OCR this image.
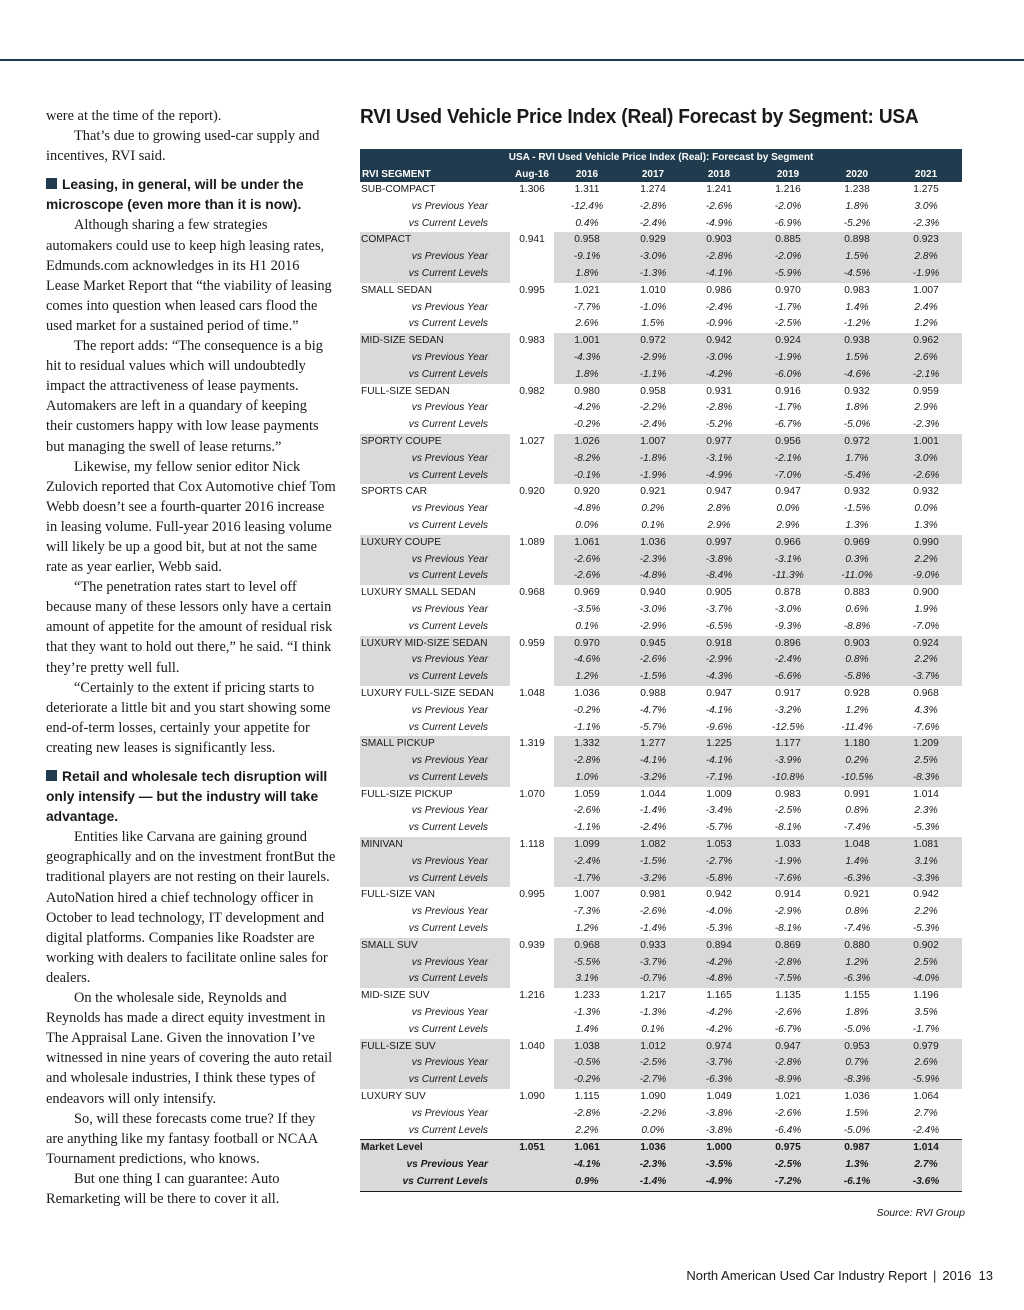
were at the time of the report).

That’s due to growing used-car supply and incentives, RVI said.

Leasing, in general, will be under the microscope (even more than it is now).

Although sharing a few strategies automakers could use to keep high leasing rates, Edmunds.com acknowledges in its H1 2016 Lease Market Report that “the viability of leasing comes into question when leased cars flood the used market for a sustained period of time.”

The report adds: “The consequence is a big hit to residual values which will undoubtedly impact the attractiveness of lease payments. Automakers are left in a quandary of keeping their customers happy with low lease payments but managing the swell of lease returns.”

Likewise, my fellow senior editor Nick Zulovich reported that Cox Automotive chief Tom Webb doesn’t see a fourth-quarter 2016 increase in leasing volume. Full-year 2016 leasing volume will likely be up a good bit, but at not the same rate as year earlier, Webb said.

“The penetration rates start to level off because many of these lessors only have a certain amount of appetite for the amount of residual risk that they want to hold out there,” he said. “I think they’re pretty well full.

“Certainly to the extent if pricing starts to deteriorate a little bit and you start showing some end-of-term losses, certainly your appetite for creating new leases is significantly less.

Retail and wholesale tech disruption will only intensify — but the industry will take advantage.

Entities like Carvana are gaining ground geographically and on the investment frontBut the traditional players are not resting on their laurels. AutoNation hired a chief technology officer in October to lead technology, IT development and digital platforms. Companies like Roadster are working with dealers to facilitate online sales for dealers.

On the wholesale side, Reynolds and Reynolds has made a direct equity investment in The Appraisal Lane. Given the innovation I’ve witnessed in nine years of covering the auto retail and wholesale industries, I think these types of endeavors will only intensify.

So, will these forecasts come true? If they are anything like my fantasy football or NCAA Tournament predictions, who knows.

But one thing I can guarantee: Auto Remarketing will be there to cover it all.

RVI Used Vehicle Price Index (Real) Forecast by Segment: USA
USA - RVI Used Vehicle Price Index (Real): Forecast by Segment							
RVI SEGMENT	Aug-16	2016	2017	2018	2019	2020	2021
SUB-COMPACT	1.306	1.311	1.274	1.241	1.216	1.238	1.275
vs Previous Year		-12.4%	-2.8%	-2.6%	-2.0%	1.8%	3.0%
vs Current Levels		0.4%	-2.4%	-4.9%	-6.9%	-5.2%	-2.3%
COMPACT	0.941	0.958	0.929	0.903	0.885	0.898	0.923
vs Previous Year		-9.1%	-3.0%	-2.8%	-2.0%	1.5%	2.8%
vs Current Levels		1.8%	-1.3%	-4.1%	-5.9%	-4.5%	-1.9%
SMALL SEDAN	0.995	1.021	1.010	0.986	0.970	0.983	1.007
vs Previous Year		-7.7%	-1.0%	-2.4%	-1.7%	1.4%	2.4%
vs Current Levels		2.6%	1.5%	-0.9%	-2.5%	-1.2%	1.2%
MID-SIZE SEDAN	0.983	1.001	0.972	0.942	0.924	0.938	0.962
vs Previous Year		-4.3%	-2.9%	-3.0%	-1.9%	1.5%	2.6%
vs Current Levels		1.8%	-1.1%	-4.2%	-6.0%	-4.6%	-2.1%
FULL-SIZE SEDAN	0.982	0.980	0.958	0.931	0.916	0.932	0.959
vs Previous Year		-4.2%	-2.2%	-2.8%	-1.7%	1.8%	2.9%
vs Current Levels		-0.2%	-2.4%	-5.2%	-6.7%	-5.0%	-2.3%
SPORTY COUPE	1.027	1.026	1.007	0.977	0.956	0.972	1.001
vs Previous Year		-8.2%	-1.8%	-3.1%	-2.1%	1.7%	3.0%
vs Current Levels		-0.1%	-1.9%	-4.9%	-7.0%	-5.4%	-2.6%
SPORTS CAR	0.920	0.920	0.921	0.947	0.947	0.932	0.932
vs Previous Year		-4.8%	0.2%	2.8%	0.0%	-1.5%	0.0%
vs Current Levels		0.0%	0.1%	2.9%	2.9%	1.3%	1.3%
LUXURY COUPE	1.089	1.061	1.036	0.997	0.966	0.969	0.990
vs Previous Year		-2.6%	-2.3%	-3.8%	-3.1%	0.3%	2.2%
vs Current Levels		-2.6%	-4.8%	-8.4%	-11.3%	-11.0%	-9.0%
LUXURY SMALL SEDAN	0.968	0.969	0.940	0.905	0.878	0.883	0.900
vs Previous Year		-3.5%	-3.0%	-3.7%	-3.0%	0.6%	1.9%
vs Current Levels		0.1%	-2.9%	-6.5%	-9.3%	-8.8%	-7.0%
LUXURY MID-SIZE SEDAN	0.959	0.970	0.945	0.918	0.896	0.903	0.924
vs Previous Year		-4.6%	-2.6%	-2.9%	-2.4%	0.8%	2.2%
vs Current Levels		1.2%	-1.5%	-4.3%	-6.6%	-5.8%	-3.7%
LUXURY FULL-SIZE SEDAN	1.048	1.036	0.988	0.947	0.917	0.928	0.968
vs Previous Year		-0.2%	-4.7%	-4.1%	-3.2%	1.2%	4.3%
vs Current Levels		-1.1%	-5.7%	-9.6%	-12.5%	-11.4%	-7.6%
SMALL PICKUP	1.319	1.332	1.277	1.225	1.177	1.180	1.209
vs Previous Year		-2.8%	-4.1%	-4.1%	-3.9%	0.2%	2.5%
vs Current Levels		1.0%	-3.2%	-7.1%	-10.8%	-10.5%	-8.3%
FULL-SIZE PICKUP	1.070	1.059	1.044	1.009	0.983	0.991	1.014
vs Previous Year		-2.6%	-1.4%	-3.4%	-2.5%	0.8%	2.3%
vs Current Levels		-1.1%	-2.4%	-5.7%	-8.1%	-7.4%	-5.3%
MINIVAN	1.118	1.099	1.082	1.053	1.033	1.048	1.081
vs Previous Year		-2.4%	-1.5%	-2.7%	-1.9%	1.4%	3.1%
vs Current Levels		-1.7%	-3.2%	-5.8%	-7.6%	-6.3%	-3.3%
FULL-SIZE VAN	0.995	1.007	0.981	0.942	0.914	0.921	0.942
vs Previous Year		-7.3%	-2.6%	-4.0%	-2.9%	0.8%	2.2%
vs Current Levels		1.2%	-1.4%	-5.3%	-8.1%	-7.4%	-5.3%
SMALL SUV	0.939	0.968	0.933	0.894	0.869	0.880	0.902
vs Previous Year		-5.5%	-3.7%	-4.2%	-2.8%	1.2%	2.5%
vs Current Levels		3.1%	-0.7%	-4.8%	-7.5%	-6.3%	-4.0%
MID-SIZE SUV	1.216	1.233	1.217	1.165	1.135	1.155	1.196
vs Previous Year		-1.3%	-1.3%	-4.2%	-2.6%	1.8%	3.5%
vs Current Levels		1.4%	0.1%	-4.2%	-6.7%	-5.0%	-1.7%
FULL-SIZE SUV	1.040	1.038	1.012	0.974	0.947	0.953	0.979
vs Previous Year		-0.5%	-2.5%	-3.7%	-2.8%	0.7%	2.6%
vs Current Levels		-0.2%	-2.7%	-6.3%	-8.9%	-8.3%	-5.9%
LUXURY SUV	1.090	1.115	1.090	1.049	1.021	1.036	1.064
vs Previous Year		-2.8%	-2.2%	-3.8%	-2.6%	1.5%	2.7%
vs Current Levels		2.2%	0.0%	-3.8%	-6.4%	-5.0%	-2.4%
Market Level	1.051	1.061	1.036	1.000	0.975	0.987	1.014
vs Previous Year		-4.1%	-2.3%	-3.5%	-2.5%	1.3%	2.7%
vs Current Levels		0.9%	-1.4%	-4.9%	-7.2%	-6.1%	-3.6%
Source: RVI Group
North American Used Car Industry Report | 2016 13
